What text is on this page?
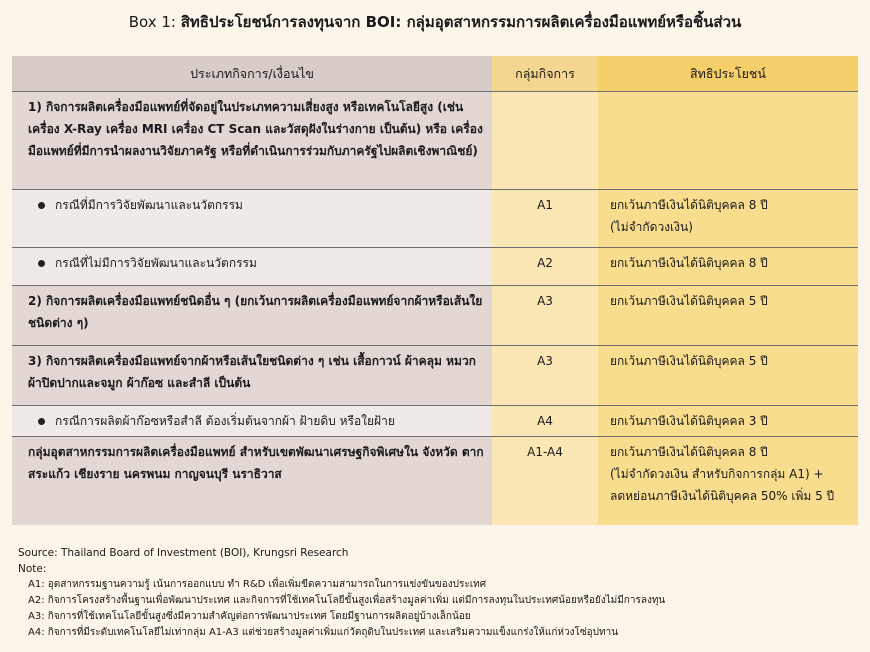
Box 1: สิทธิประโยชน์การลงทุนจาก BOI: กลุ่มอุตสาหกรรมการผลิตเครื่องมือแพทย์หรือชิ้นส่วน
ประเภทกิจการ/เงื่อนไข	กลุ่มกิจการ	สิทธิประโยชน์
1) กิจการผลิตเครื่องมือแพทย์ที่จัดอยู่ในประเภทความเสี่ยงสูง หรือเทคโนโลยีสูง (เช่น เครื่อง X-Ray เครื่อง MRI เครื่อง CT Scan และวัสดุฝังในร่างกาย เป็นต้น) หรือ เครื่องมือแพทย์ที่มีการนำผลงานวิจัยภาครัฐ หรือที่ดำเนินการร่วมกับภาครัฐไปผลิตเชิงพาณิชย์)		
กรณีที่มีการวิจัยพัฒนาและนวัตกรรม	A1	ยกเว้นภาษีเงินได้นิติบุคคล 8 ปี
(ไม่จำกัดวงเงิน)
กรณีที่ไม่มีการวิจัยพัฒนาและนวัตกรรม	A2	ยกเว้นภาษีเงินได้นิติบุคคล 8 ปี
2) กิจการผลิตเครื่องมือแพทย์ชนิดอื่น ๆ (ยกเว้นการผลิตเครื่องมือแพทย์จากผ้าหรือเส้นใยชนิดต่าง ๆ)	A3	ยกเว้นภาษีเงินได้นิติบุคคล 5 ปี
3) กิจการผลิตเครื่องมือแพทย์จากผ้าหรือเส้นใยชนิดต่าง ๆ เช่น เสื้อกาวน์ ผ้าคลุม หมวก ผ้าปิดปากและจมูก ผ้าก๊อซ และสำลี เป็นต้น	A3	ยกเว้นภาษีเงินได้นิติบุคคล 5 ปี
กรณีการผลิตผ้าก๊อซหรือสำลี ต้องเริ่มต้นจากผ้า ฝ้ายดิบ หรือใยฝ้าย	A4	ยกเว้นภาษีเงินได้นิติบุคคล 3 ปี
กลุ่มอุตสาหกรรมการผลิตเครื่องมือแพทย์ สำหรับเขตพัฒนาเศรษฐกิจพิเศษใน จังหวัด ตาก สระแก้ว เชียงราย นครพนม กาญจนบุรี นราธิวาส	A1-A4	ยกเว้นภาษีเงินได้นิติบุคคล 8 ปี
(ไม่จำกัดวงเงิน สำหรับกิจการกลุ่ม A1) +
ลดหย่อนภาษีเงินได้นิติบุคคล 50% เพิ่ม 5 ปี
Source: Thailand Board of Investment (BOI), Krungsri Research
Note:
A1: อุตสาหกรรมฐานความรู้ เน้นการออกแบบ ทำ R&D เพื่อเพิ่มขีดความสามารถในการแข่งขันของประเทศ
A2: กิจการโครงสร้างพื้นฐานเพื่อพัฒนาประเทศ และกิจการที่ใช้เทคโนโลยีขั้นสูงเพื่อสร้างมูลค่าเพิ่ม แต่มีการลงทุนในประเทศน้อยหรือยังไม่มีการลงทุน
A3: กิจการที่ใช้เทคโนโลยีขั้นสูงซึ่งมีความสำคัญต่อการพัฒนาประเทศ โดยมีฐานการผลิตอยู่บ้างเล็กน้อย
A4: กิจการที่มีระดับเทคโนโลยีไม่เท่ากลุ่ม A1-A3 แต่ช่วยสร้างมูลค่าเพิ่มแก่วัตถุดิบในประเทศ และเสริมความแข็งแกร่งให้แก่ห่วงโซ่อุปทาน
